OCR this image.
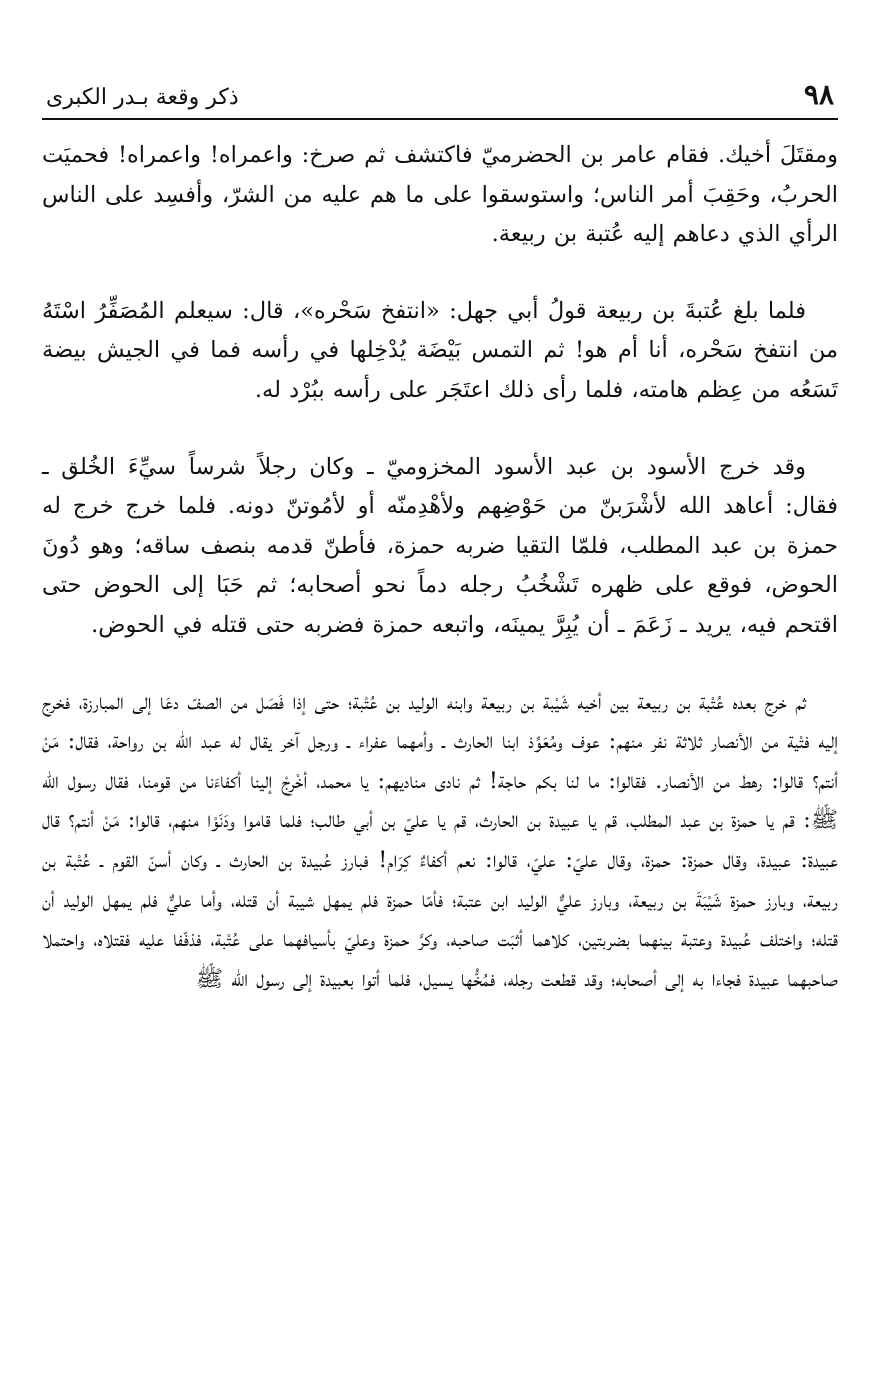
٩٨
ذكر وقعة بـدر الكبرى

ومقتَلَ أخيك. فقام عامر بن الحضرميّ فاكتشف ثم صرخ: واعمراه! واعمراه! فحميَت الحربُ، وحَقِبَ أمر الناس؛ واستوسقوا على ما هم عليه من الشرّ، وأفسِد على الناس الرأي الذي دعاهم إليه عُتبة بن ربيعة.

فلما بلغ عُتبةَ بن ربيعة قولُ أبي جهل: «انتفخ سَحْره»، قال: سيعلم المُصَفِّرُ اسْتَهُ من انتفخ سَحْره، أنا أم هو! ثم التمس بَيْضَة يُدْخِلها في رأسه فما في الجيش بيضة تَسَعُه من عِظم هامته، فلما رأى ذلك اعتَجَر على رأسه ببُرْد له.

وقد خرج الأسود بن عبد الأسود المخزوميّ ـ وكان رجلاً شرساً سيِّءَ الخُلق ـ فقال: أعاهد الله لأشْرَبنّ من حَوْضِهم ولأهْدِمنّه أو لأمُوتنّ دونه. فلما خرج خرج له حمزة بن عبد المطلب، فلمّا التقيا ضربه حمزة، فأطنّ قدمه بنصف ساقه؛ وهو دُونَ الحوض، فوقع على ظهره تَشْخُبُ رجله دماً نحو أصحابه؛ ثم حَبَا إلى الحوض حتى اقتحم فيه، يريد ـ زَعَمَ ـ أن يُبِرَّ يمينَه، واتبعه حمزة فضربه حتى قتله في الحوض.

ثم خرج بعده عُتْبة بن ربيعة بين أخيه شَيْبة بن ربيعة وابنه الوليد بن عُتْبة؛ حتى إذا فَصَل من الصفّ دعَا إلى المبارزة، فخرج إليه فتْية من الأنصار ثلاثة نفر منهم: عوف ومُعَوِّذ ابنا الحارث ـ وأمهما عفراء ـ ورجل آخر يقال له عبد الله بن رواحة، فقال: مَنْ أنتم؟ قالوا: رهط من الأنصار. فقالوا: ما لنا بكم حاجة! ثم نادى مناديهم: يا محمد، أخْرِجْ إلينا أكفاءَنا من قومنا، فقال رسول الله ﷺ: قم يا حمزة بن عبد المطلب، قم يا عبيدة بن الحارث، قم يا عليّ بن أبي طالب؛ فلما قاموا ودَنَوْا منهم، قالوا: مَنْ أنتم؟ قال عبيدة: عبيدة، وقال حمزة: حمزة، وقال عليّ: عليّ، قالوا: نعم أكفاءٌ كِرَام! فبارز عُبيدة بن الحارث ـ وكان أسنّ القوم ـ عُتْبة بن ربيعة، وبارز حمزة شَيْبَةَ بن ربيعة، وبارز عليٌّ الوليد ابن عتبة؛ فأمّا حمزة فلم يمهل شيبة أن قتله، وأما عليٌّ فلم يمهل الوليد أن قتله؛ واختلف عُبيدة وعتبة بينهما بضربتين، كلاهما أثبَت صاحبه، وكرَّ حمزة وعليّ بأسيافهما على عُتْبة، فذفّفا عليه فقتلاه، واحتملا صاحبهما عبيدة فجاءا به إلى أصحابه؛ وقد قطعت رجله، فمُخُّها يسيل، فلما أتوا بعبيدة إلى رسول الله ﷺ
